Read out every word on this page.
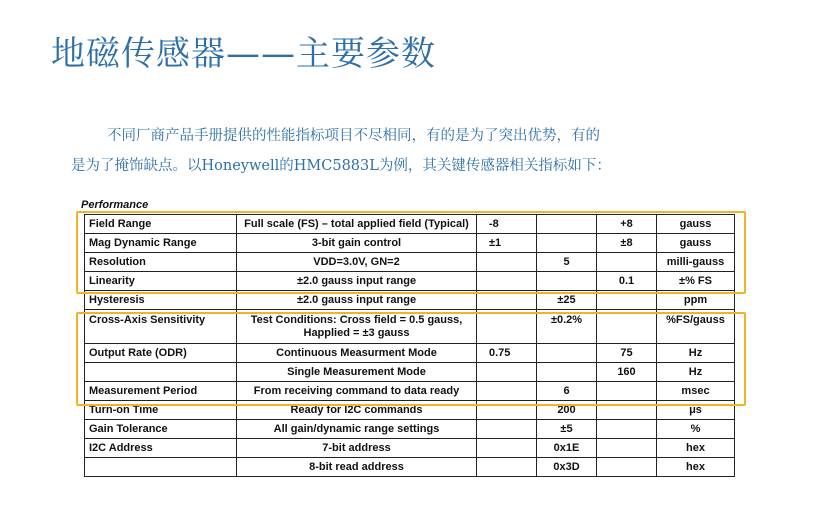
地磁传感器——主要参数
不同厂商产品手册提供的性能指标项目不尽相同，有的是为了突出优势，有的
是为了掩饰缺点。以Honeywell的HMC5883L为例，其关键传感器相关指标如下：
Performance
Field Range	Full scale (FS) – total applied field (Typical)	-8		+8	gauss
Mag Dynamic Range	3-bit gain control	±1		±8	gauss
Resolution	VDD=3.0V, GN=2		5		milli-gauss
Linearity	±2.0 gauss input range			0.1	±% FS
Hysteresis	±2.0 gauss input range		±25		ppm
Cross-Axis Sensitivity	Test Conditions: Cross field = 0.5 gauss,
Happlied = ±3 gauss		±0.2%		%FS/gauss
Output Rate (ODR)	Continuous Measurment Mode	0.75		75	Hz
	Single Measurement Mode			160	Hz
Measurement Period	From receiving command to data ready		6		msec
Turn-on Time	Ready for I2C commands		200		μs
Gain Tolerance	All gain/dynamic range settings		±5		%
I2C Address	7-bit address		0x1E		hex
	8-bit read address		0x3D		hex
